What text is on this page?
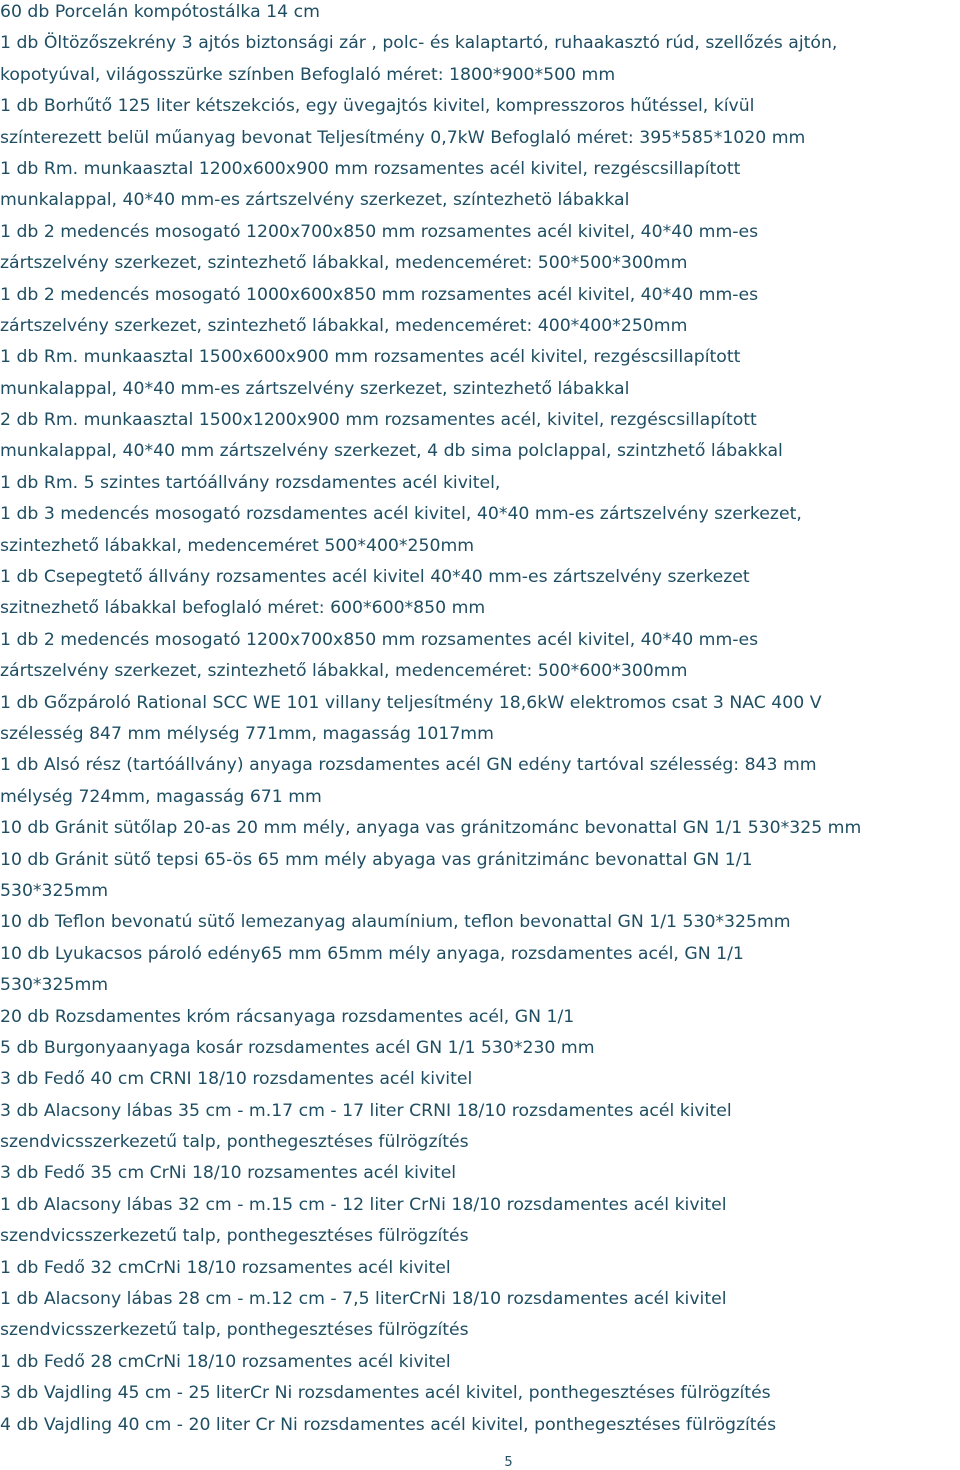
60 db Porcelán kompótostálka 14 cm
1 db Öltözőszekrény 3 ajtós biztonsági zár , polc- és kalaptartó, ruhaakasztó rúd, szellőzés ajtón,
kopotyúval, világosszürke színben Befoglaló méret: 1800*900*500 mm
1 db Borhűtő 125 liter kétszekciós, egy üvegajtós kivitel, kompresszoros hűtéssel, kívül
színterezett belül műanyag bevonat Teljesítmény 0,7kW Befoglaló méret: 395*585*1020 mm
1 db Rm. munkaasztal 1200x600x900 mm rozsamentes acél kivitel, rezgéscsillapított
munkalappal, 40*40 mm-es zártszelvény szerkezet, színtezhetö lábakkal
1 db 2 medencés mosogató 1200x700x850 mm rozsamentes acél kivitel, 40*40 mm-es
zártszelvény szerkezet, szintezhető lábakkal, medenceméret: 500*500*300mm
1 db 2 medencés mosogató 1000x600x850 mm rozsamentes acél kivitel, 40*40 mm-es
zártszelvény szerkezet, szintezhető lábakkal, medenceméret: 400*400*250mm
1 db Rm. munkaasztal 1500x600x900 mm rozsamentes acél kivitel, rezgéscsillapított
munkalappal, 40*40 mm-es zártszelvény szerkezet, szintezhető lábakkal
2 db Rm. munkaasztal 1500x1200x900 mm rozsamentes acél, kivitel, rezgéscsillapított
munkalappal, 40*40 mm zártszelvény szerkezet, 4 db sima polclappal, szintzhető lábakkal
1 db Rm. 5 szintes tartóállvány rozsdamentes acél kivitel,
1 db 3 medencés mosogató rozsdamentes acél kivitel, 40*40 mm-es zártszelvény szerkezet,
szintezhető lábakkal, medenceméret 500*400*250mm
1 db Csepegtető állvány rozsamentes acél kivitel 40*40 mm-es zártszelvény szerkezet
szitnezhető lábakkal befoglaló méret: 600*600*850 mm
1 db 2 medencés mosogató 1200x700x850 mm rozsamentes acél kivitel, 40*40 mm-es
zártszelvény szerkezet, szintezhető lábakkal, medenceméret: 500*600*300mm
1 db Gőzpároló Rational SCC WE 101 villany teljesítmény 18,6kW elektromos csat 3 NAC 400 V
szélesség 847 mm mélység 771mm, magasság 1017mm
1 db Alsó rész (tartóállvány) anyaga rozsdamentes acél GN edény tartóval szélesség: 843 mm
mélység 724mm, magasság 671 mm
10 db Gránit sütőlap 20-as 20 mm mély, anyaga vas gránitzománc bevonattal GN 1/1 530*325 mm
10 db Gránit sütő tepsi 65-ös 65 mm mély abyaga vas gránitzimánc bevonattal GN 1/1
530*325mm
10 db Teflon bevonatú sütő lemezanyag alaumínium, teflon bevonattal GN 1/1 530*325mm
10 db Lyukacsos pároló edény65 mm 65mm mély anyaga, rozsdamentes acél, GN 1/1
530*325mm
20 db Rozsdamentes króm rácsanyaga rozsdamentes acél, GN 1/1
5 db Burgonyaanyaga kosár rozsdamentes acél GN 1/1 530*230 mm
3 db Fedő 40 cm CRNI 18/10 rozsdamentes acél kivitel
3 db Alacsony lábas 35 cm - m.17 cm - 17 liter CRNI 18/10 rozsdamentes acél kivitel
szendvicsszerkezetű talp, ponthegesztéses fülrögzítés
3 db Fedő 35 cm CrNi 18/10 rozsamentes acél kivitel
1 db Alacsony lábas 32 cm - m.15 cm - 12 liter CrNi 18/10 rozsdamentes acél kivitel
szendvicsszerkezetű talp, ponthegesztéses fülrögzítés
1 db Fedő 32 cmCrNi 18/10 rozsamentes acél kivitel
1 db Alacsony lábas 28 cm - m.12 cm - 7,5 literCrNi 18/10 rozsdamentes acél kivitel
szendvicsszerkezetű talp, ponthegesztéses fülrögzítés
1 db Fedő 28 cmCrNi 18/10 rozsamentes acél kivitel
3 db Vajdling 45 cm - 25 literCr Ni rozsdamentes acél kivitel, ponthegesztéses fülrögzítés
4 db Vajdling 40 cm - 20 liter Cr Ni rozsdamentes acél kivitel, ponthegesztéses fülrögzítés
5
